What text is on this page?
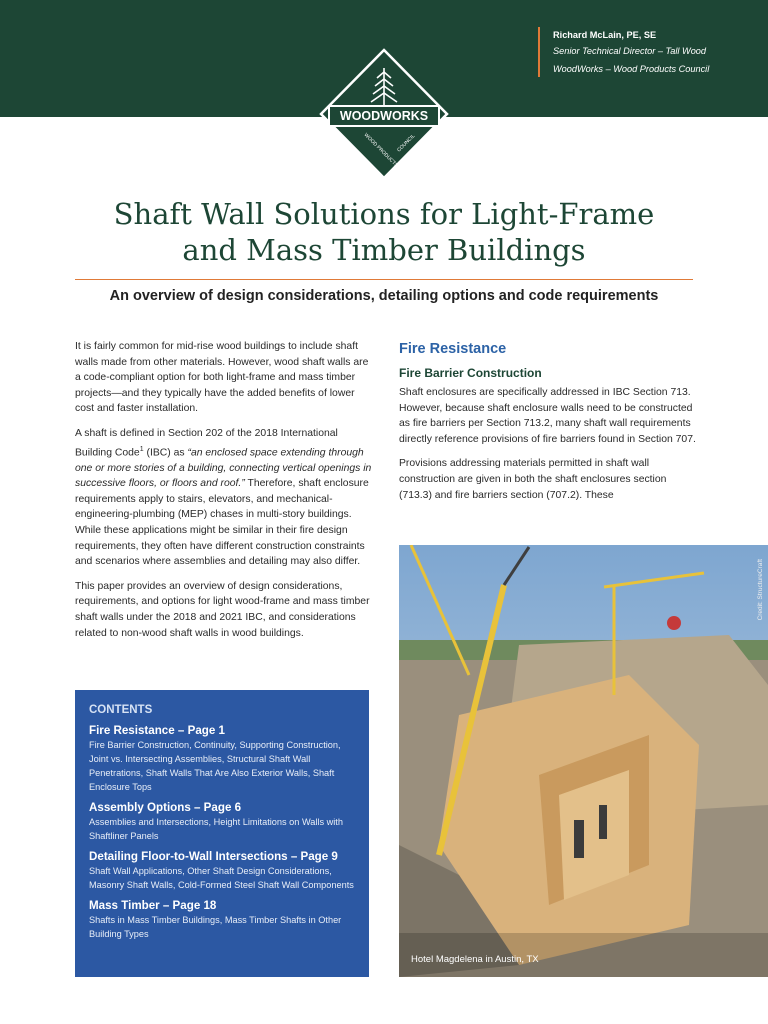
Richard McLain, PE, SE
Senior Technical Director – Tall Wood
WoodWorks – Wood Products Council
WOODWORKS
WOOD PRODUCTS
COUNCIL
Shaft Wall Solutions for Light-Frame
and Mass Timber Buildings
An overview of design considerations, detailing options and code requirements

It is fairly common for mid-rise wood buildings to include shaft walls made from other materials. However, wood shaft walls are a code-compliant option for both light-frame and mass timber projects—and they typically have the added benefits of lower cost and faster installation.

A shaft is defined in Section 202 of the 2018 International Building Code$^1$ (IBC) as “an enclosed space extending through one or more stories of a building, connecting vertical openings in successive floors, or floors and roof.” Therefore, shaft enclosure requirements apply to stairs, elevators, and mechanical-engineering-plumbing (MEP) chases in multi-story buildings. While these applications might be similar in their fire design requirements, they often have different construction constraints and scenarios where assemblies and detailing may also differ.

This paper provides an overview of design considerations, requirements, and options for light wood-frame and mass timber shaft walls under the 2018 and 2021 IBC, and considerations related to non-wood shaft walls in wood buildings.

CONTENTS
Fire Resistance – Page 1
Fire Barrier Construction, Continuity, Supporting Construction, Joint vs. Intersecting Assemblies, Structural Shaft Wall Penetrations, Shaft Walls That Are Also Exterior Walls, Shaft Enclosure Tops
Assembly Options – Page 6
Assemblies and Intersections, Height Limitations on Walls with Shaftliner Panels
Detailing Floor-to-Wall Intersections – Page 9
Shaft Wall Applications, Other Shaft Design Considerations, Masonry Shaft Walls, Cold-Formed Steel Shaft Wall Components
Mass Timber – Page 18
Shafts in Mass Timber Buildings, Mass Timber Shafts in Other Building Types
Fire Resistance
Fire Barrier Construction

Shaft enclosures are specifically addressed in IBC Section 713. However, because shaft enclosure walls need to be constructed as fire barriers per Section 713.2, many shaft wall requirements directly reference provisions of fire barriers found in Section 707.

Provisions addressing materials permitted in shaft wall construction are given in both the shaft enclosures section (713.3) and fire barriers section (707.2). These

Credit: StructureCraft
Hotel Magdelena in Austin, TX
